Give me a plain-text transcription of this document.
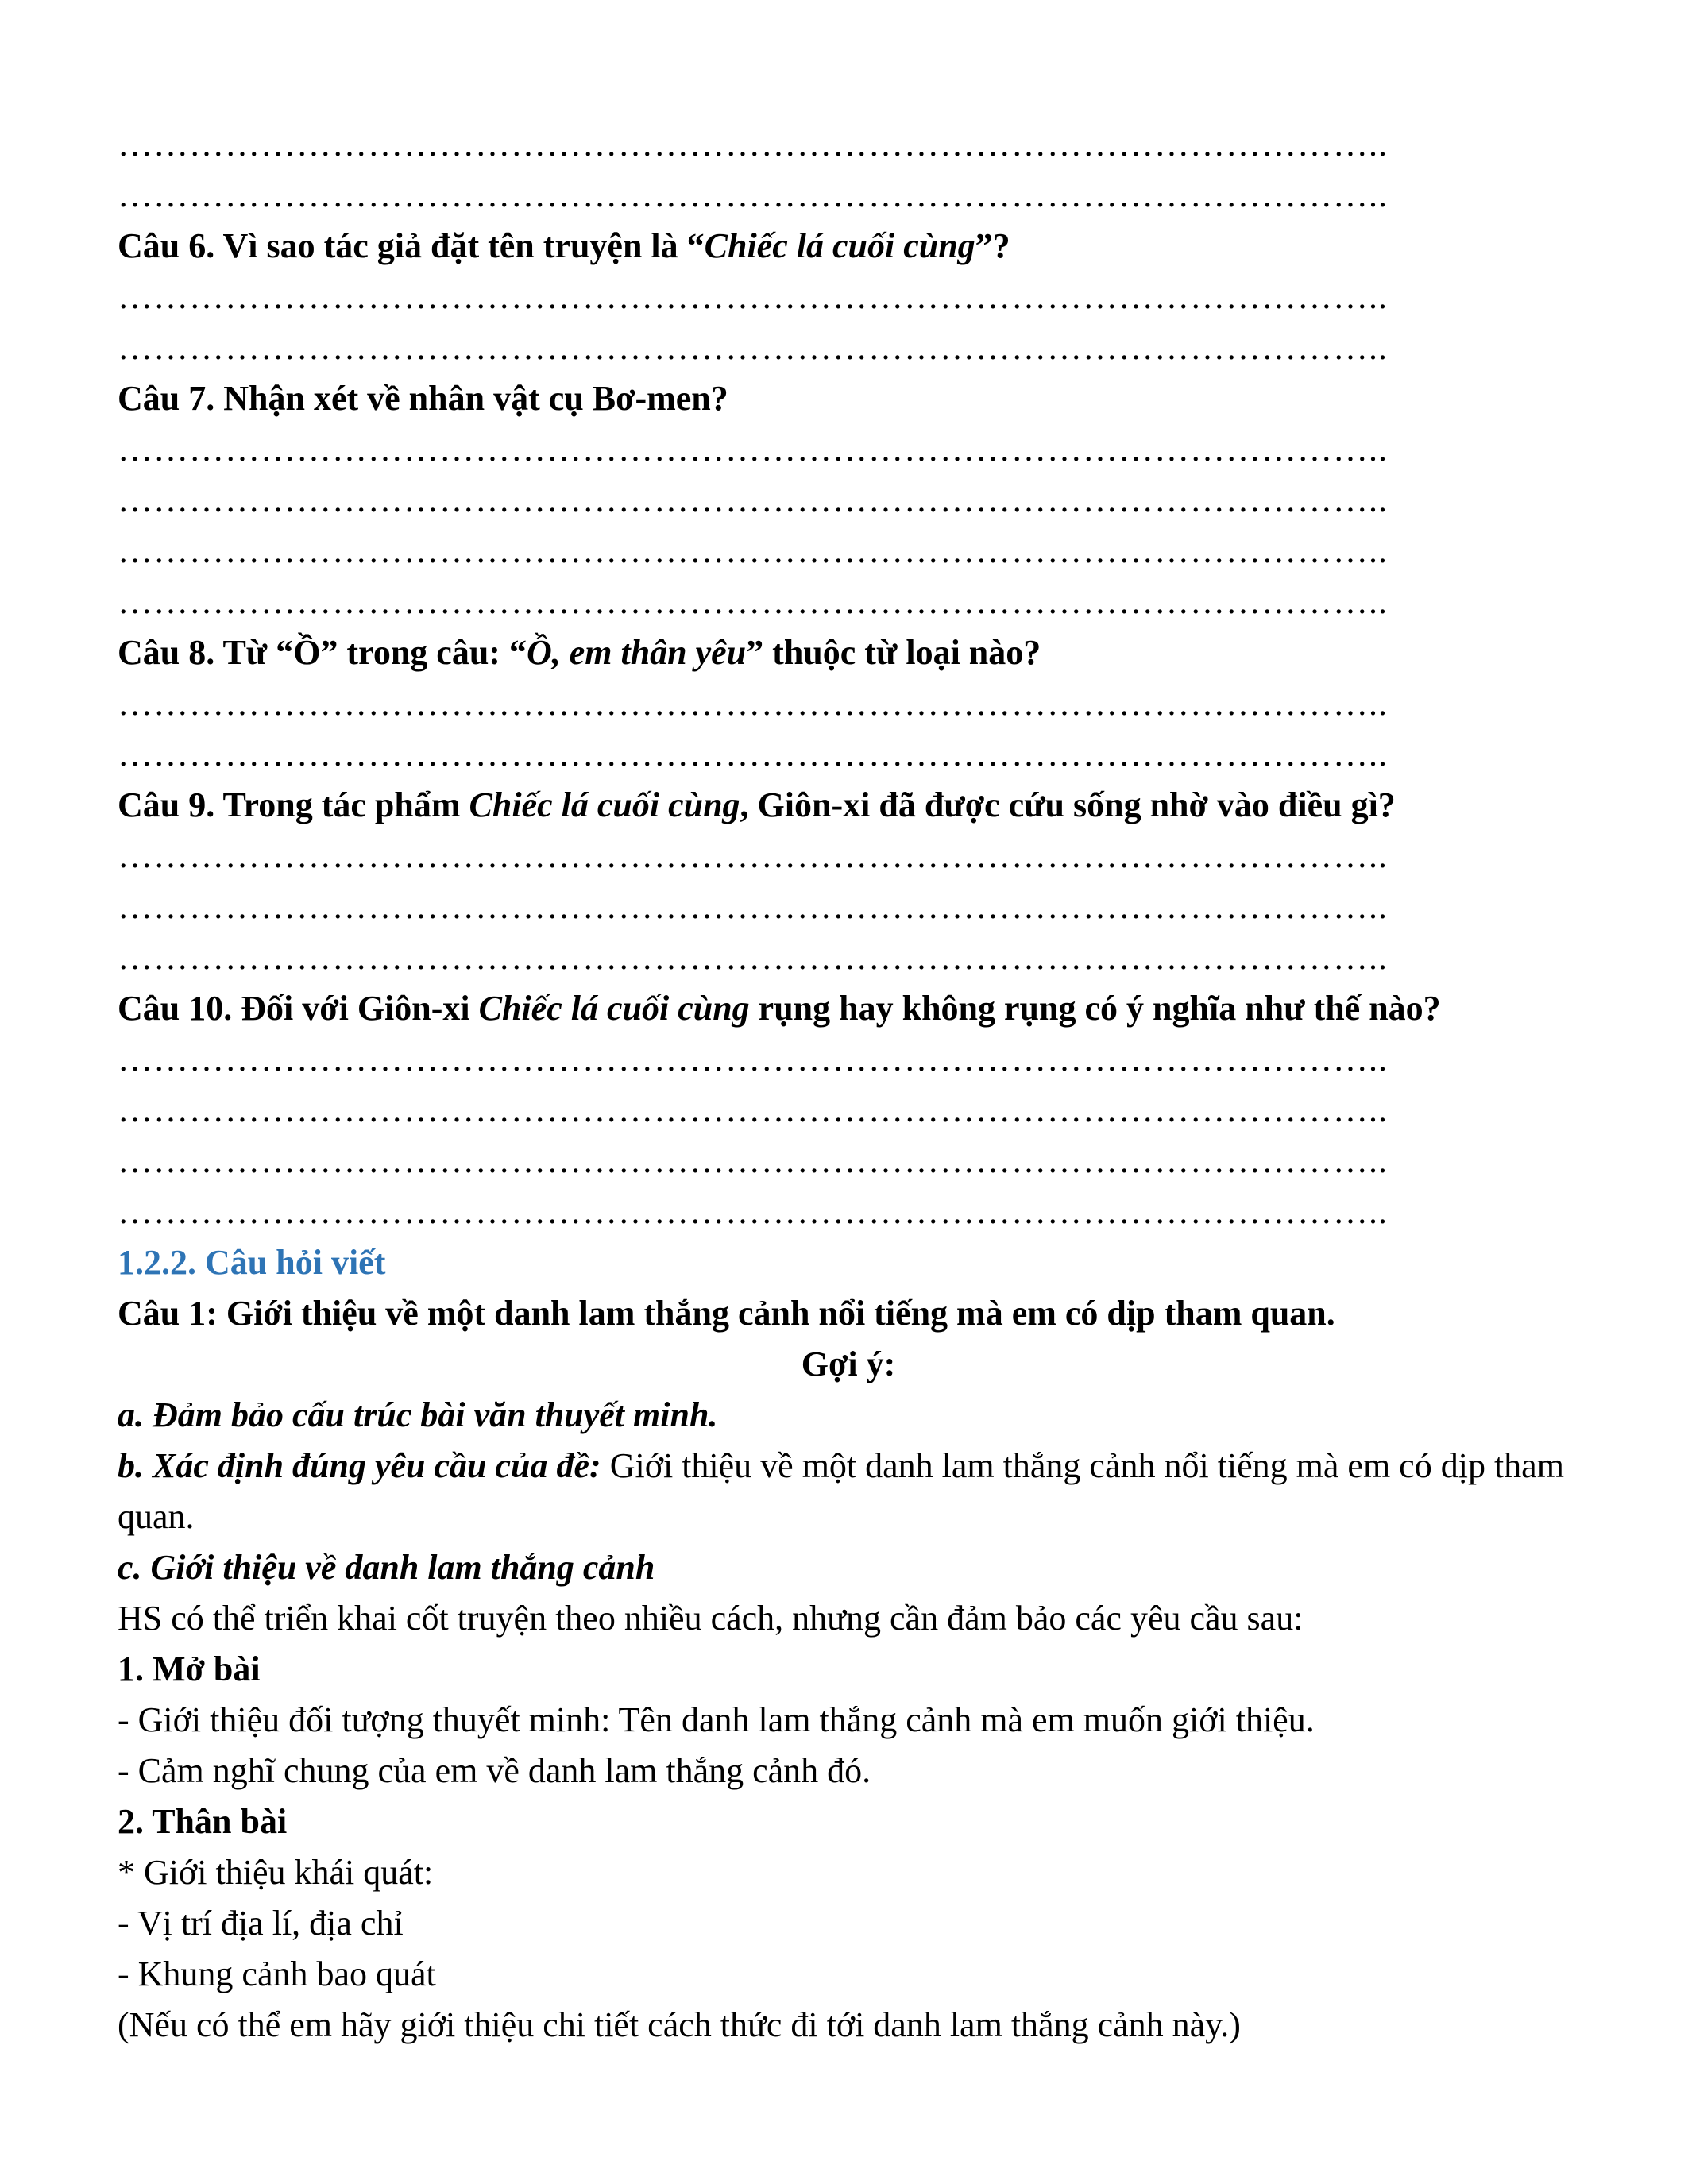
……………………………………………………………………………………………..
……………………………………………………………………………………………..
Câu 6. Vì sao tác giả đặt tên truyện là “Chiếc lá cuối cùng”?
……………………………………………………………………………………………..
……………………………………………………………………………………………..
Câu 7. Nhận xét về nhân vật cụ Bơ-men?
……………………………………………………………………………………………..
……………………………………………………………………………………………..
……………………………………………………………………………………………..
……………………………………………………………………………………………..
Câu 8. Từ “Ồ” trong câu: “Ồ, em thân yêu” thuộc từ loại nào?
……………………………………………………………………………………………..
……………………………………………………………………………………………..
Câu 9. Trong tác phẩm Chiếc lá cuối cùng, Giôn-xi đã được cứu sống nhờ vào điều gì?
……………………………………………………………………………………………..
……………………………………………………………………………………………..
……………………………………………………………………………………………..
Câu 10. Đối với Giôn-xi Chiếc lá cuối cùng rụng hay không rụng có ý nghĩa như thế nào?
……………………………………………………………………………………………..
……………………………………………………………………………………………..
……………………………………………………………………………………………..
……………………………………………………………………………………………..
1.2.2. Câu hỏi viết
Câu 1: Giới thiệu về một danh lam thắng cảnh nổi tiếng mà em có dịp tham quan.
Gợi ý:
a. Đảm bảo cấu trúc bài văn thuyết minh.
b. Xác định đúng yêu cầu của đề: Giới thiệu về một danh lam thắng cảnh nổi tiếng mà em có dịp tham quan.
c. Giới thiệu về danh lam thắng cảnh
HS có thể triển khai cốt truyện theo nhiều cách, nhưng cần đảm bảo các yêu cầu sau:
1. Mở bài
- Giới thiệu đối tượng thuyết minh: Tên danh lam thắng cảnh mà em muốn giới thiệu.
- Cảm nghĩ chung của em về danh lam thắng cảnh đó.
2. Thân bài
* Giới thiệu khái quát:
- Vị trí địa lí, địa chỉ
- Khung cảnh bao quát
(Nếu có thể em hãy giới thiệu chi tiết cách thức đi tới danh lam thắng cảnh này.)
